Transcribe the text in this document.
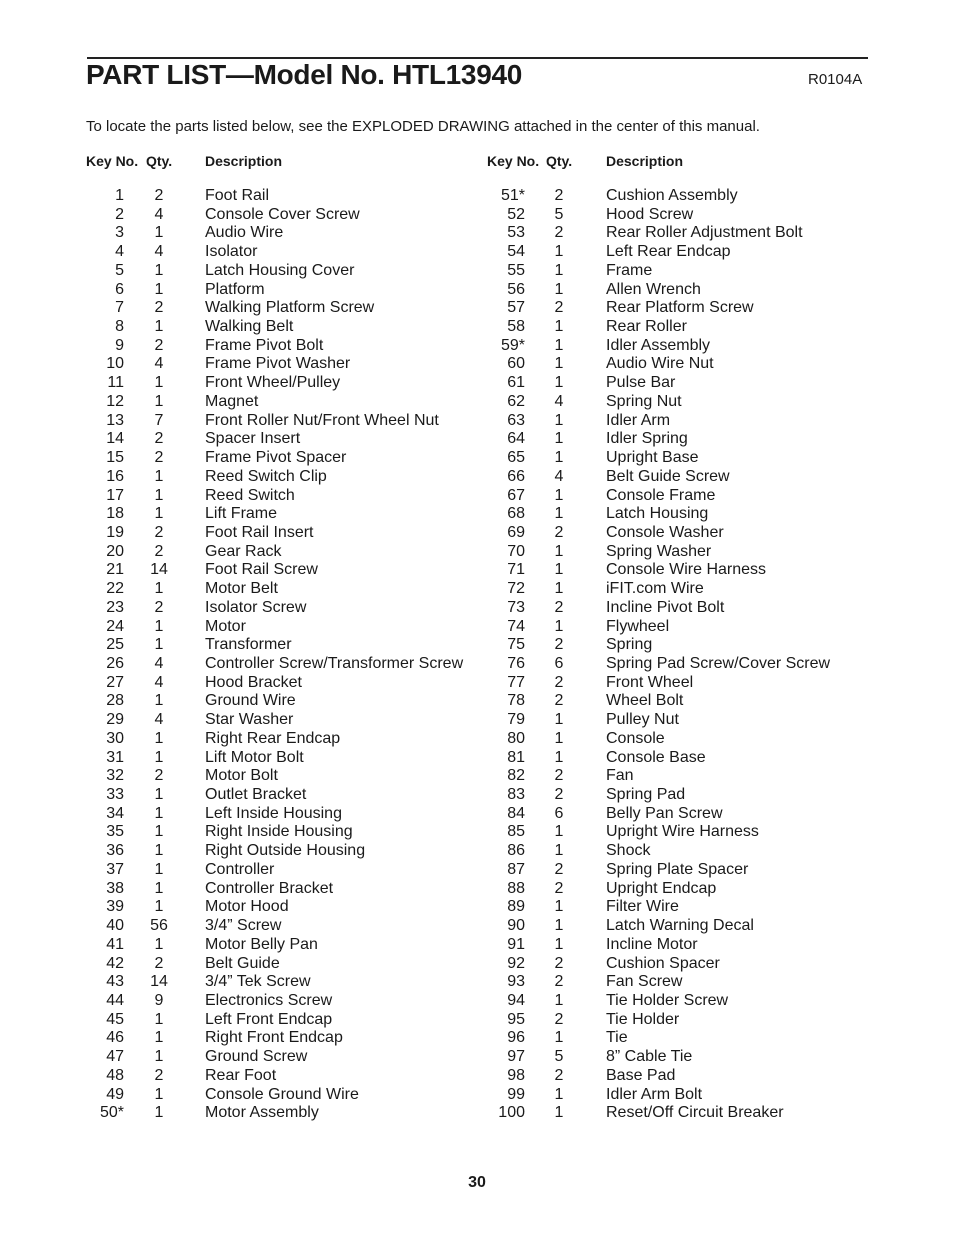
PART LIST—Model No. HTL13940	R0104A
To locate the parts listed below, see the EXPLODED DRAWING attached in the center of this manual.
Key No. Qty. Description	Key No. Qty. Description
1	2	Foot Rail
2	4	Console Cover Screw
3	1	Audio Wire
4	4	Isolator
5	1	Latch Housing Cover
6	1	Platform
7	2	Walking Platform Screw
8	1	Walking Belt
9	2	Frame Pivot Bolt
10	4	Frame Pivot Washer
11	1	Front Wheel/Pulley
12	1	Magnet
13	7	Front Roller Nut/Front Wheel Nut
14	2	Spacer Insert
15	2	Frame Pivot Spacer
16	1	Reed Switch Clip
17	1	Reed Switch
18	1	Lift Frame
19	2	Foot Rail Insert
20	2	Gear Rack
21	14	Foot Rail Screw
22	1	Motor Belt
23	2	Isolator Screw
24	1	Motor
25	1	Transformer
26	4	Controller Screw/Transformer Screw
27	4	Hood Bracket
28	1	Ground Wire
29	4	Star Washer
30	1	Right Rear Endcap
31	1	Lift Motor Bolt
32	2	Motor Bolt
33	1	Outlet Bracket
34	1	Left Inside Housing
35	1	Right Inside Housing
36	1	Right Outside Housing
37	1	Controller
38	1	Controller Bracket
39	1	Motor Hood
40	56	3/4” Screw
41	1	Motor Belly Pan
42	2	Belt Guide
43	14	3/4” Tek Screw
44	9	Electronics Screw
45	1	Left Front Endcap
46	1	Right Front Endcap
47	1	Ground Screw
48	2	Rear Foot
49	1	Console Ground Wire
50*	1	Motor Assembly
51*	2	Cushion Assembly
52	5	Hood Screw
53	2	Rear Roller Adjustment Bolt
54	1	Left Rear Endcap
55	1	Frame
56	1	Allen Wrench
57	2	Rear Platform Screw
58	1	Rear Roller
59*	1	Idler Assembly
60	1	Audio Wire Nut
61	1	Pulse Bar
62	4	Spring Nut
63	1	Idler Arm
64	1	Idler Spring
65	1	Upright Base
66	4	Belt Guide Screw
67	1	Console Frame
68	1	Latch Housing
69	2	Console Washer
70	1	Spring Washer
71	1	Console Wire Harness
72	1	iFIT.com Wire
73	2	Incline Pivot Bolt
74	1	Flywheel
75	2	Spring
76	6	Spring Pad Screw/Cover Screw
77	2	Front Wheel
78	2	Wheel Bolt
79	1	Pulley Nut
80	1	Console
81	1	Console Base
82	2	Fan
83	2	Spring Pad
84	6	Belly Pan Screw
85	1	Upright Wire Harness
86	1	Shock
87	2	Spring Plate Spacer
88	2	Upright Endcap
89	1	Filter Wire
90	1	Latch Warning Decal
91	1	Incline Motor
92	2	Cushion Spacer
93	2	Fan Screw
94	1	Tie Holder Screw
95	2	Tie Holder
96	1	Tie
97	5	8” Cable Tie
98	2	Base Pad
99	1	Idler Arm Bolt
100	1	Reset/Off Circuit Breaker
30
